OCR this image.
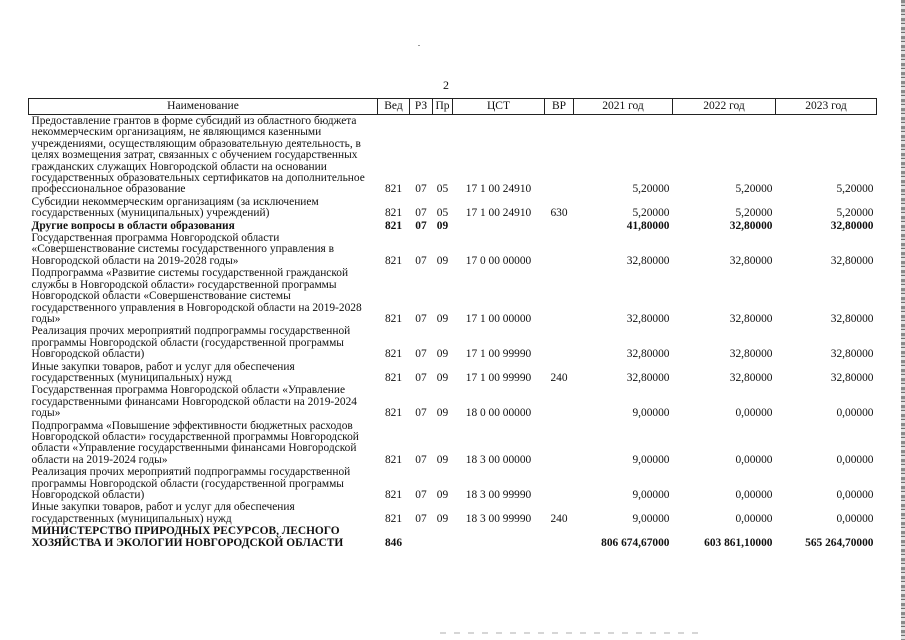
2
Наименование	Вед	РЗ	Пр	ЦСТ	ВР	2021 год	2022 год	2023 год
Предоставление грантов в форме субсидий из областного бюджета некоммерческим организациям, не являющимся казенными учреждениями, осуществляющим образовательную деятельность, в целях возмещения затрат, связанных с обучением государственных гражданских служащих Новгородской области на основании государственных образовательных сертификатов на дополнительное профессиональное образование	821	07	05	17 1 00 24910		5,20000	5,20000	5,20000
Субсидии некоммерческим организациям (за исключением государственных (муниципальных) учреждений)	821	07	05	17 1 00 24910	630	5,20000	5,20000	5,20000
Другие вопросы в области образования	821	07	09			41,80000	32,80000	32,80000
Государственная программа Новгородской области «Совершенствование системы государственного управления в Новгородской области на 2019-2028 годы»	821	07	09	17 0 00 00000		32,80000	32,80000	32,80000
Подпрограмма «Развитие системы государственной гражданской службы в Новгородской области» государственной программы Новгородской области «Совершенствование системы государственного управления в Новгородской области на 2019-2028 годы»	821	07	09	17 1 00 00000		32,80000	32,80000	32,80000
Реализация прочих мероприятий подпрограммы государственной программы Новгородской области (государственной программы Новгородской области)	821	07	09	17 1 00 99990		32,80000	32,80000	32,80000
Иные закупки товаров, работ и услуг для обеспечения государственных (муниципальных) нужд	821	07	09	17 1 00 99990	240	32,80000	32,80000	32,80000
Государственная программа Новгородской области «Управление государственными финансами Новгородской области на 2019-2024 годы»	821	07	09	18 0 00 00000		9,00000	0,00000	0,00000
Подпрограмма «Повышение эффективности бюджетных расходов Новгородской области» государственной программы Новгородской области «Управление государственными финансами Новгородской области на 2019-2024 годы»	821	07	09	18 3 00 00000		9,00000	0,00000	0,00000
Реализация прочих мероприятий подпрограммы государственной программы Новгородской области (государственной программы Новгородской области)	821	07	09	18 3 00 99990		9,00000	0,00000	0,00000
Иные закупки товаров, работ и услуг для обеспечения государственных (муниципальных) нужд	821	07	09	18 3 00 99990	240	9,00000	0,00000	0,00000
МИНИСТЕРСТВО ПРИРОДНЫХ РЕСУРСОВ, ЛЕСНОГО ХОЗЯЙСТВА И ЭКОЛОГИИ НОВГОРОДСКОЙ ОБЛАСТИ	846					806 674,67000	603 861,10000	565 264,70000
